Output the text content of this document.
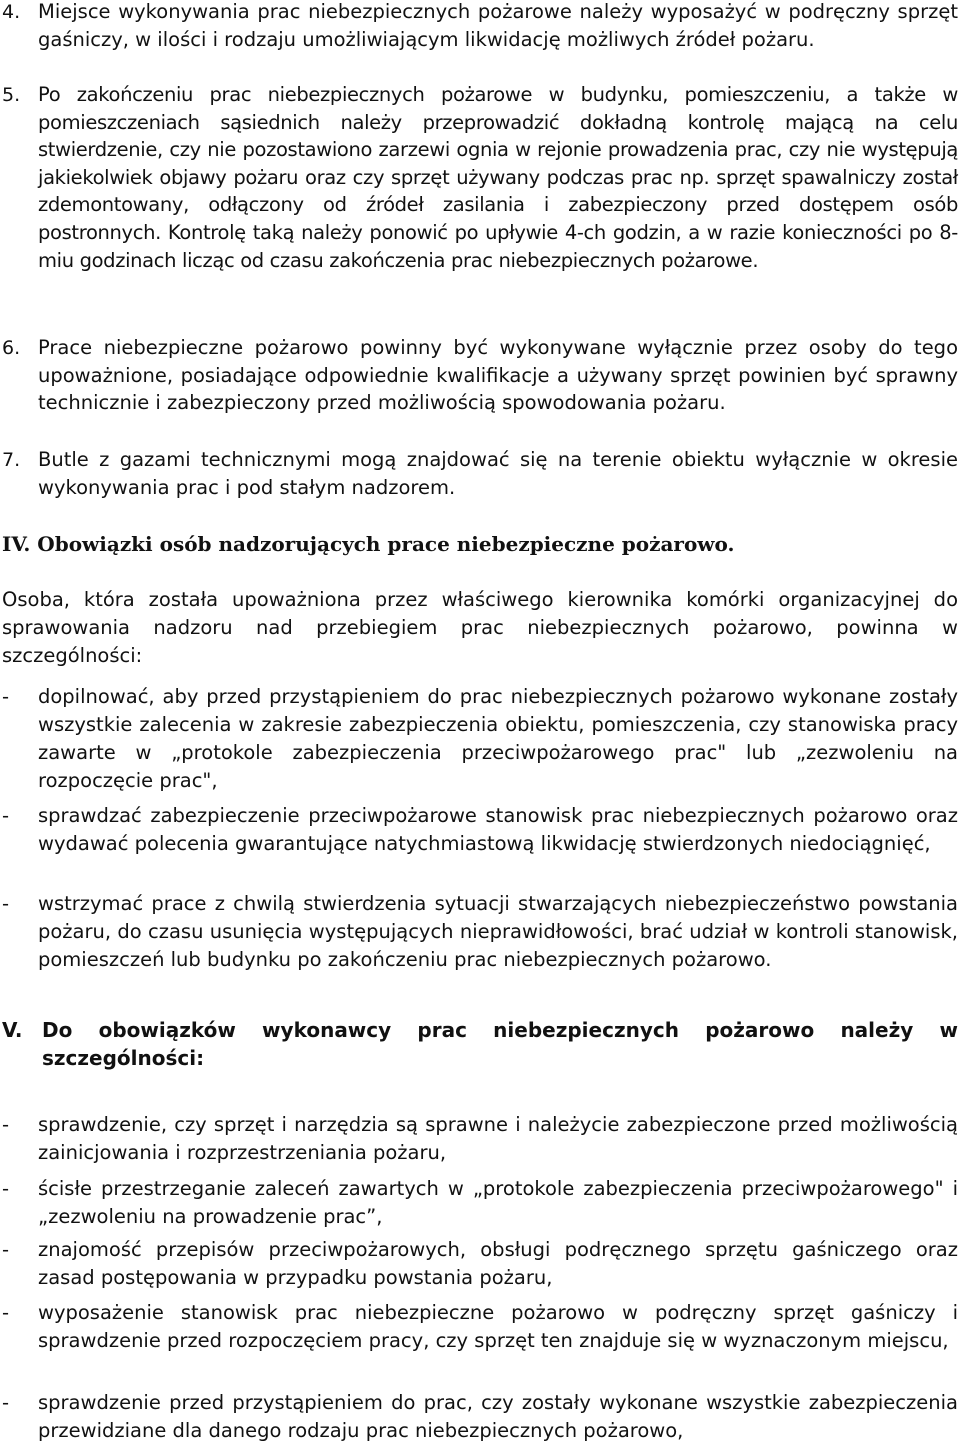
4. Miejsce wykonywania prac niebezpiecznych pożarowe należy wyposażyć w podręczny sprzęt gaśniczy, w ilości i rodzaju umożliwiającym likwidację możliwych źródeł pożaru.

5. Po zakończeniu prac niebezpiecznych pożarowe w budynku, pomieszczeniu, a także w pomieszczeniach sąsiednich należy przeprowadzić dokładną kontrolę mającą na celu stwierdzenie, czy nie pozostawiono zarzewi ognia w rejonie prowadzenia prac, czy nie występują jakiekolwiek objawy pożaru oraz czy sprzęt używany podczas prac np. sprzęt spawalniczy został zdemontowany, odłączony od źródeł zasilania i zabezpieczony przed dostępem osób postronnych. Kontrolę taką należy ponowić po upływie 4-ch godzin, a w razie konieczności po 8-miu godzinach licząc od czasu zakończenia prac niebezpiecznych pożarowe.

6. Prace niebezpieczne pożarowo powinny być wykonywane wyłącznie przez osoby do tego upoważnione, posiadające odpowiednie kwalifikacje a używany sprzęt powinien być sprawny technicznie i zabezpieczony przed możliwością spowodowania pożaru.

7. Butle z gazami technicznymi mogą znajdować się na terenie obiektu wyłącznie w okresie wykonywania prac i pod stałym nadzorem.

IV. Obowiązki osób nadzorujących prace niebezpieczne pożarowo.

Osoba, która została upoważniona przez właściwego kierownika komórki organizacyjnej do sprawowania nadzoru nad przebiegiem prac niebezpiecznych pożarowo, powinna w szczególności:

-	dopilnować, aby przed przystąpieniem do prac niebezpiecznych pożarowo wykonane zostały wszystkie zalecenia w zakresie zabezpieczenia obiektu, pomieszczenia, czy stanowiska pracy zawarte w „protokole zabezpieczenia przeciwpożarowego prac" lub „zezwoleniu na rozpoczęcie prac",

-	sprawdzać zabezpieczenie przeciwpożarowe stanowisk prac niebezpiecznych pożarowo oraz wydawać polecenia gwarantujące natychmiastową likwidację stwierdzonych niedociągnięć,

-	wstrzymać prace z chwilą stwierdzenia sytuacji stwarzających niebezpieczeństwo powstania pożaru, do czasu usunięcia występujących nieprawidłowości, brać udział w kontroli stanowisk, pomieszczeń lub budynku po zakończeniu prac niebezpiecznych pożarowo.

V. Do obowiązków wykonawcy prac niebezpiecznych pożarowo należy w szczególności:

-	sprawdzenie, czy sprzęt i narzędzia są sprawne i należycie zabezpieczone przed możliwością zainicjowania i rozprzestrzeniania pożaru,

-	ścisłe przestrzeganie zaleceń zawartych w „protokole zabezpieczenia przeciwpożarowego" i „zezwoleniu na prowadzenie prac”,

-	znajomość przepisów przeciwpożarowych, obsługi podręcznego sprzętu gaśniczego oraz zasad postępowania w przypadku powstania pożaru,

-	wyposażenie stanowisk prac niebezpieczne pożarowo w podręczny sprzęt gaśniczy i sprawdzenie przed rozpoczęciem pracy, czy sprzęt ten znajduje się w wyznaczonym miejscu,

-	sprawdzenie przed przystąpieniem do prac, czy zostały wykonane wszystkie zabezpieczenia przewidziane dla danego rodzaju prac niebezpiecznych pożarowo,
